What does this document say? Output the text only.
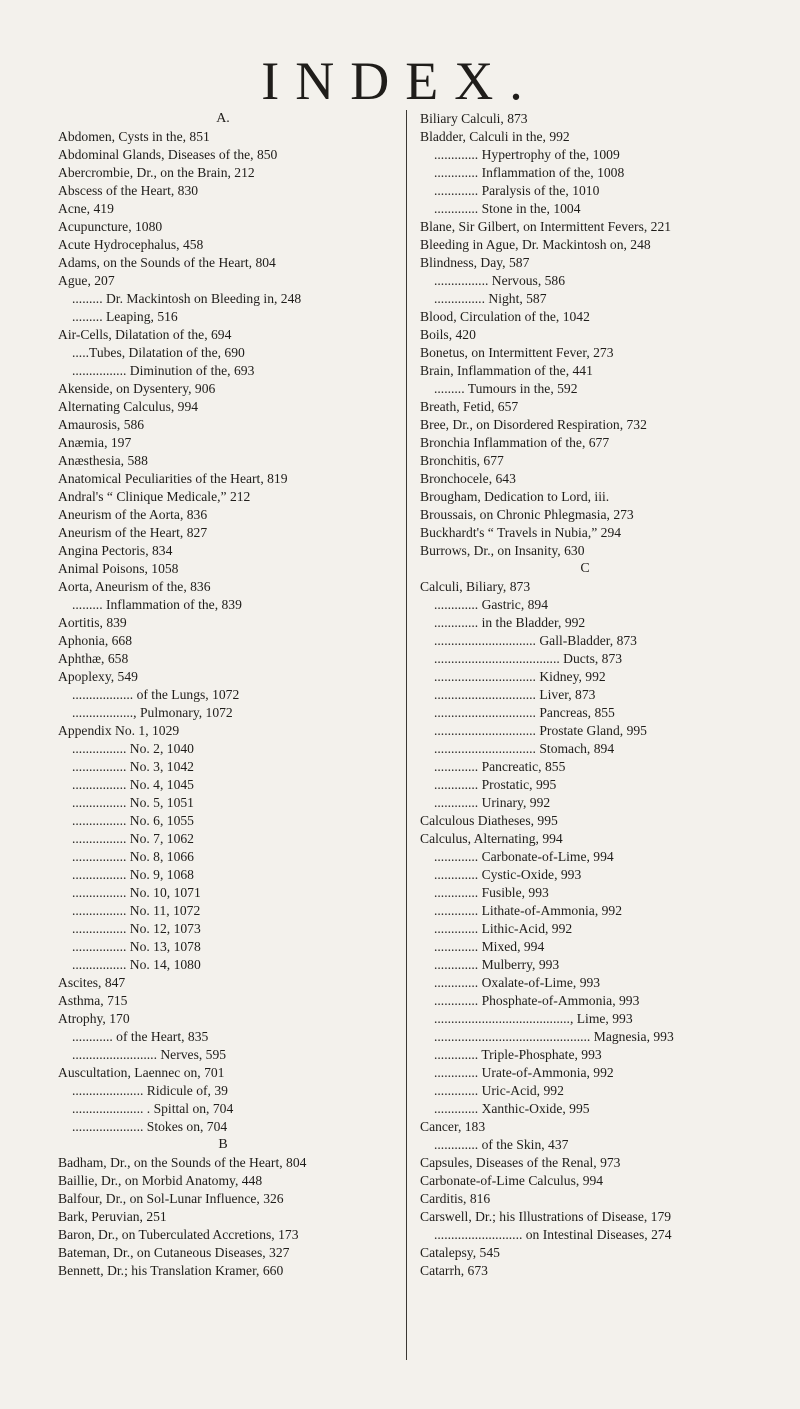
INDEX.
A.
Abdomen, Cysts in the, 851
Abdominal Glands, Diseases of the, 850
Abercrombie, Dr., on the Brain, 212
Abscess of the Heart, 830
Acne, 419
Acupuncture, 1080
Acute Hydrocephalus, 458
Adams, on the Sounds of the Heart, 804
Ague, 207
......... Dr. Mackintosh on Bleeding in, 248
......... Leaping, 516
Air-Cells, Dilatation of the, 694
.....Tubes, Dilatation of the, 690
................ Diminution of the, 693
Akenside, on Dysentery, 906
Alternating Calculus, 994
Amaurosis, 586
Anæmia, 197
Anæsthesia, 588
Anatomical Peculiarities of the Heart, 819
Andral's “ Clinique Medicale,” 212
Aneurism of the Aorta, 836
Aneurism of the Heart, 827
Angina Pectoris, 834
Animal Poisons, 1058
Aorta, Aneurism of the, 836
......... Inflammation of the, 839
Aortitis, 839
Aphonia, 668
Aphthæ, 658
Apoplexy, 549
.................. of the Lungs, 1072
.................., Pulmonary, 1072
Appendix No. 1, 1029
................ No. 2, 1040
................ No. 3, 1042
................ No. 4, 1045
................ No. 5, 1051
................ No. 6, 1055
................ No. 7, 1062
................ No. 8, 1066
................ No. 9, 1068
................ No. 10, 1071
................ No. 11, 1072
................ No. 12, 1073
................ No. 13, 1078
................ No. 14, 1080
Ascites, 847
Asthma, 715
Atrophy, 170
............ of the Heart, 835
......................... Nerves, 595
Auscultation, Laennec on, 701
..................... Ridicule of, 39
..................... . Spittal on, 704
..................... Stokes on, 704
B
Badham, Dr., on the Sounds of the Heart, 804
Baillie, Dr., on Morbid Anatomy, 448
Balfour, Dr., on Sol-Lunar Influence, 326
Bark, Peruvian, 251
Baron, Dr., on Tuberculated Accretions, 173
Bateman, Dr., on Cutaneous Diseases, 327
Bennett, Dr.; his Translation Kramer, 660
Biliary Calculi, 873
Bladder, Calculi in the, 992
............. Hypertrophy of the, 1009
............. Inflammation of the, 1008
............. Paralysis of the, 1010
............. Stone in the, 1004
Blane, Sir Gilbert, on Intermittent Fevers, 221
Bleeding in Ague, Dr. Mackintosh on, 248
Blindness, Day, 587
................ Nervous, 586
............... Night, 587
Blood, Circulation of the, 1042
Boils, 420
Bonetus, on Intermittent Fever, 273
Brain, Inflammation of the, 441
......... Tumours in the, 592
Breath, Fetid, 657
Bree, Dr., on Disordered Respiration, 732
Bronchia Inflammation of the, 677
Bronchitis, 677
Bronchocele, 643
Brougham, Dedication to Lord, iii.
Broussais, on Chronic Phlegmasia, 273
Buckhardt's “ Travels in Nubia,” 294
Burrows, Dr., on Insanity, 630
C
Calculi, Biliary, 873
............. Gastric, 894
............. in the Bladder, 992
.............................. Gall-Bladder, 873
..................................... Ducts, 873
.............................. Kidney, 992
.............................. Liver, 873
.............................. Pancreas, 855
.............................. Prostate Gland, 995
.............................. Stomach, 894
............. Pancreatic, 855
............. Prostatic, 995
............. Urinary, 992
Calculous Diatheses, 995
Calculus, Alternating, 994
............. Carbonate-of-Lime, 994
............. Cystic-Oxide, 993
............. Fusible, 993
............. Lithate-of-Ammonia, 992
............. Lithic-Acid, 992
............. Mixed, 994
............. Mulberry, 993
............. Oxalate-of-Lime, 993
............. Phosphate-of-Ammonia, 993
........................................, Lime, 993
.............................................. Magnesia, 993
............. Triple-Phosphate, 993
............. Urate-of-Ammonia, 992
............. Uric-Acid, 992
............. Xanthic-Oxide, 995
Cancer, 183
............. of the Skin, 437
Capsules, Diseases of the Renal, 973
Carbonate-of-Lime Calculus, 994
Carditis, 816
Carswell, Dr.; his Illustrations of Disease, 179
.......................... on Intestinal Diseases, 274
Catalepsy, 545
Catarrh, 673
